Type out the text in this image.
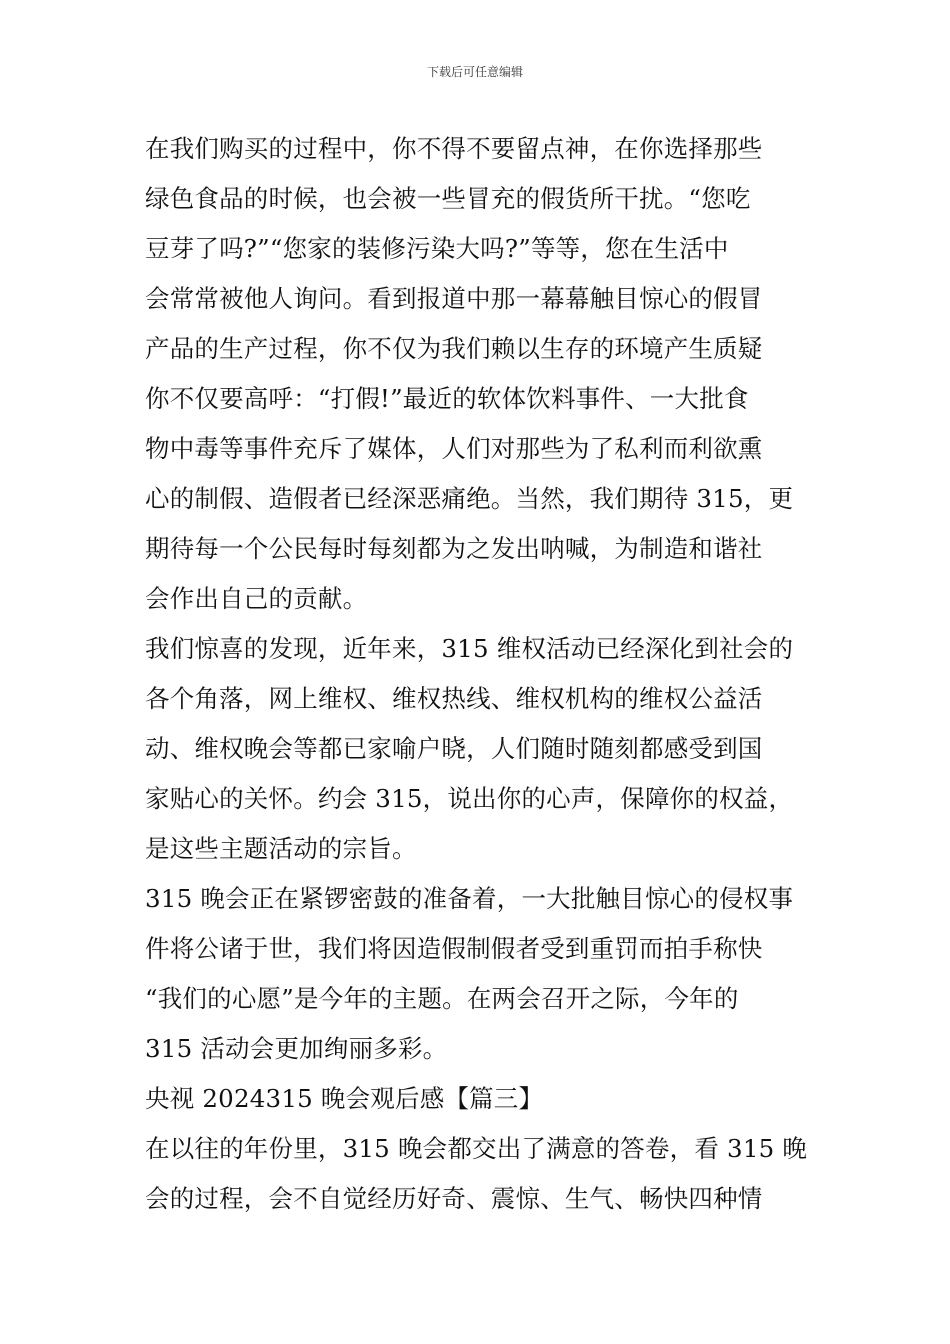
下载后可任意编辑

在我们购买的过程中，你不得不要留点神，在你选择那些
绿色食品的时候，也会被一些冒充的假货所干扰。“您吃
豆芽了吗?”“您家的装修污染大吗?”等等，您在生活中
会常常被他人询问。看到报道中那一幕幕触目惊心的假冒
产品的生产过程，你不仅为我们赖以生存的环境产生质疑
你不仅要高呼：“打假!”最近的软体饮料事件、一大批食
物中毒等事件充斥了媒体，人们对那些为了私利而利欲熏
心的制假、造假者已经深恶痛绝。当然，我们期待 315，更
期待每一个公民每时每刻都为之发出呐喊，为制造和谐社
会作出自己的贡献。

我们惊喜的发现，近年来，315 维权活动已经深化到社会的
各个角落，网上维权、维权热线、维权机构的维权公益活
动、维权晚会等都已家喻户晓，人们随时随刻都感受到国
家贴心的关怀。约会 315，说出你的心声，保障你的权益，
是这些主题活动的宗旨。

315 晚会正在紧锣密鼓的准备着，一大批触目惊心的侵权事
件将公诸于世，我们将因造假制假者受到重罚而拍手称快
“我们的心愿”是今年的主题。在两会召开之际，今年的
315 活动会更加绚丽多彩。

央视 2024315 晚会观后感【篇三】

在以往的年份里，315 晚会都交出了满意的答卷，看 315 晚
会的过程，会不自觉经历好奇、震惊、生气、畅快四种情
